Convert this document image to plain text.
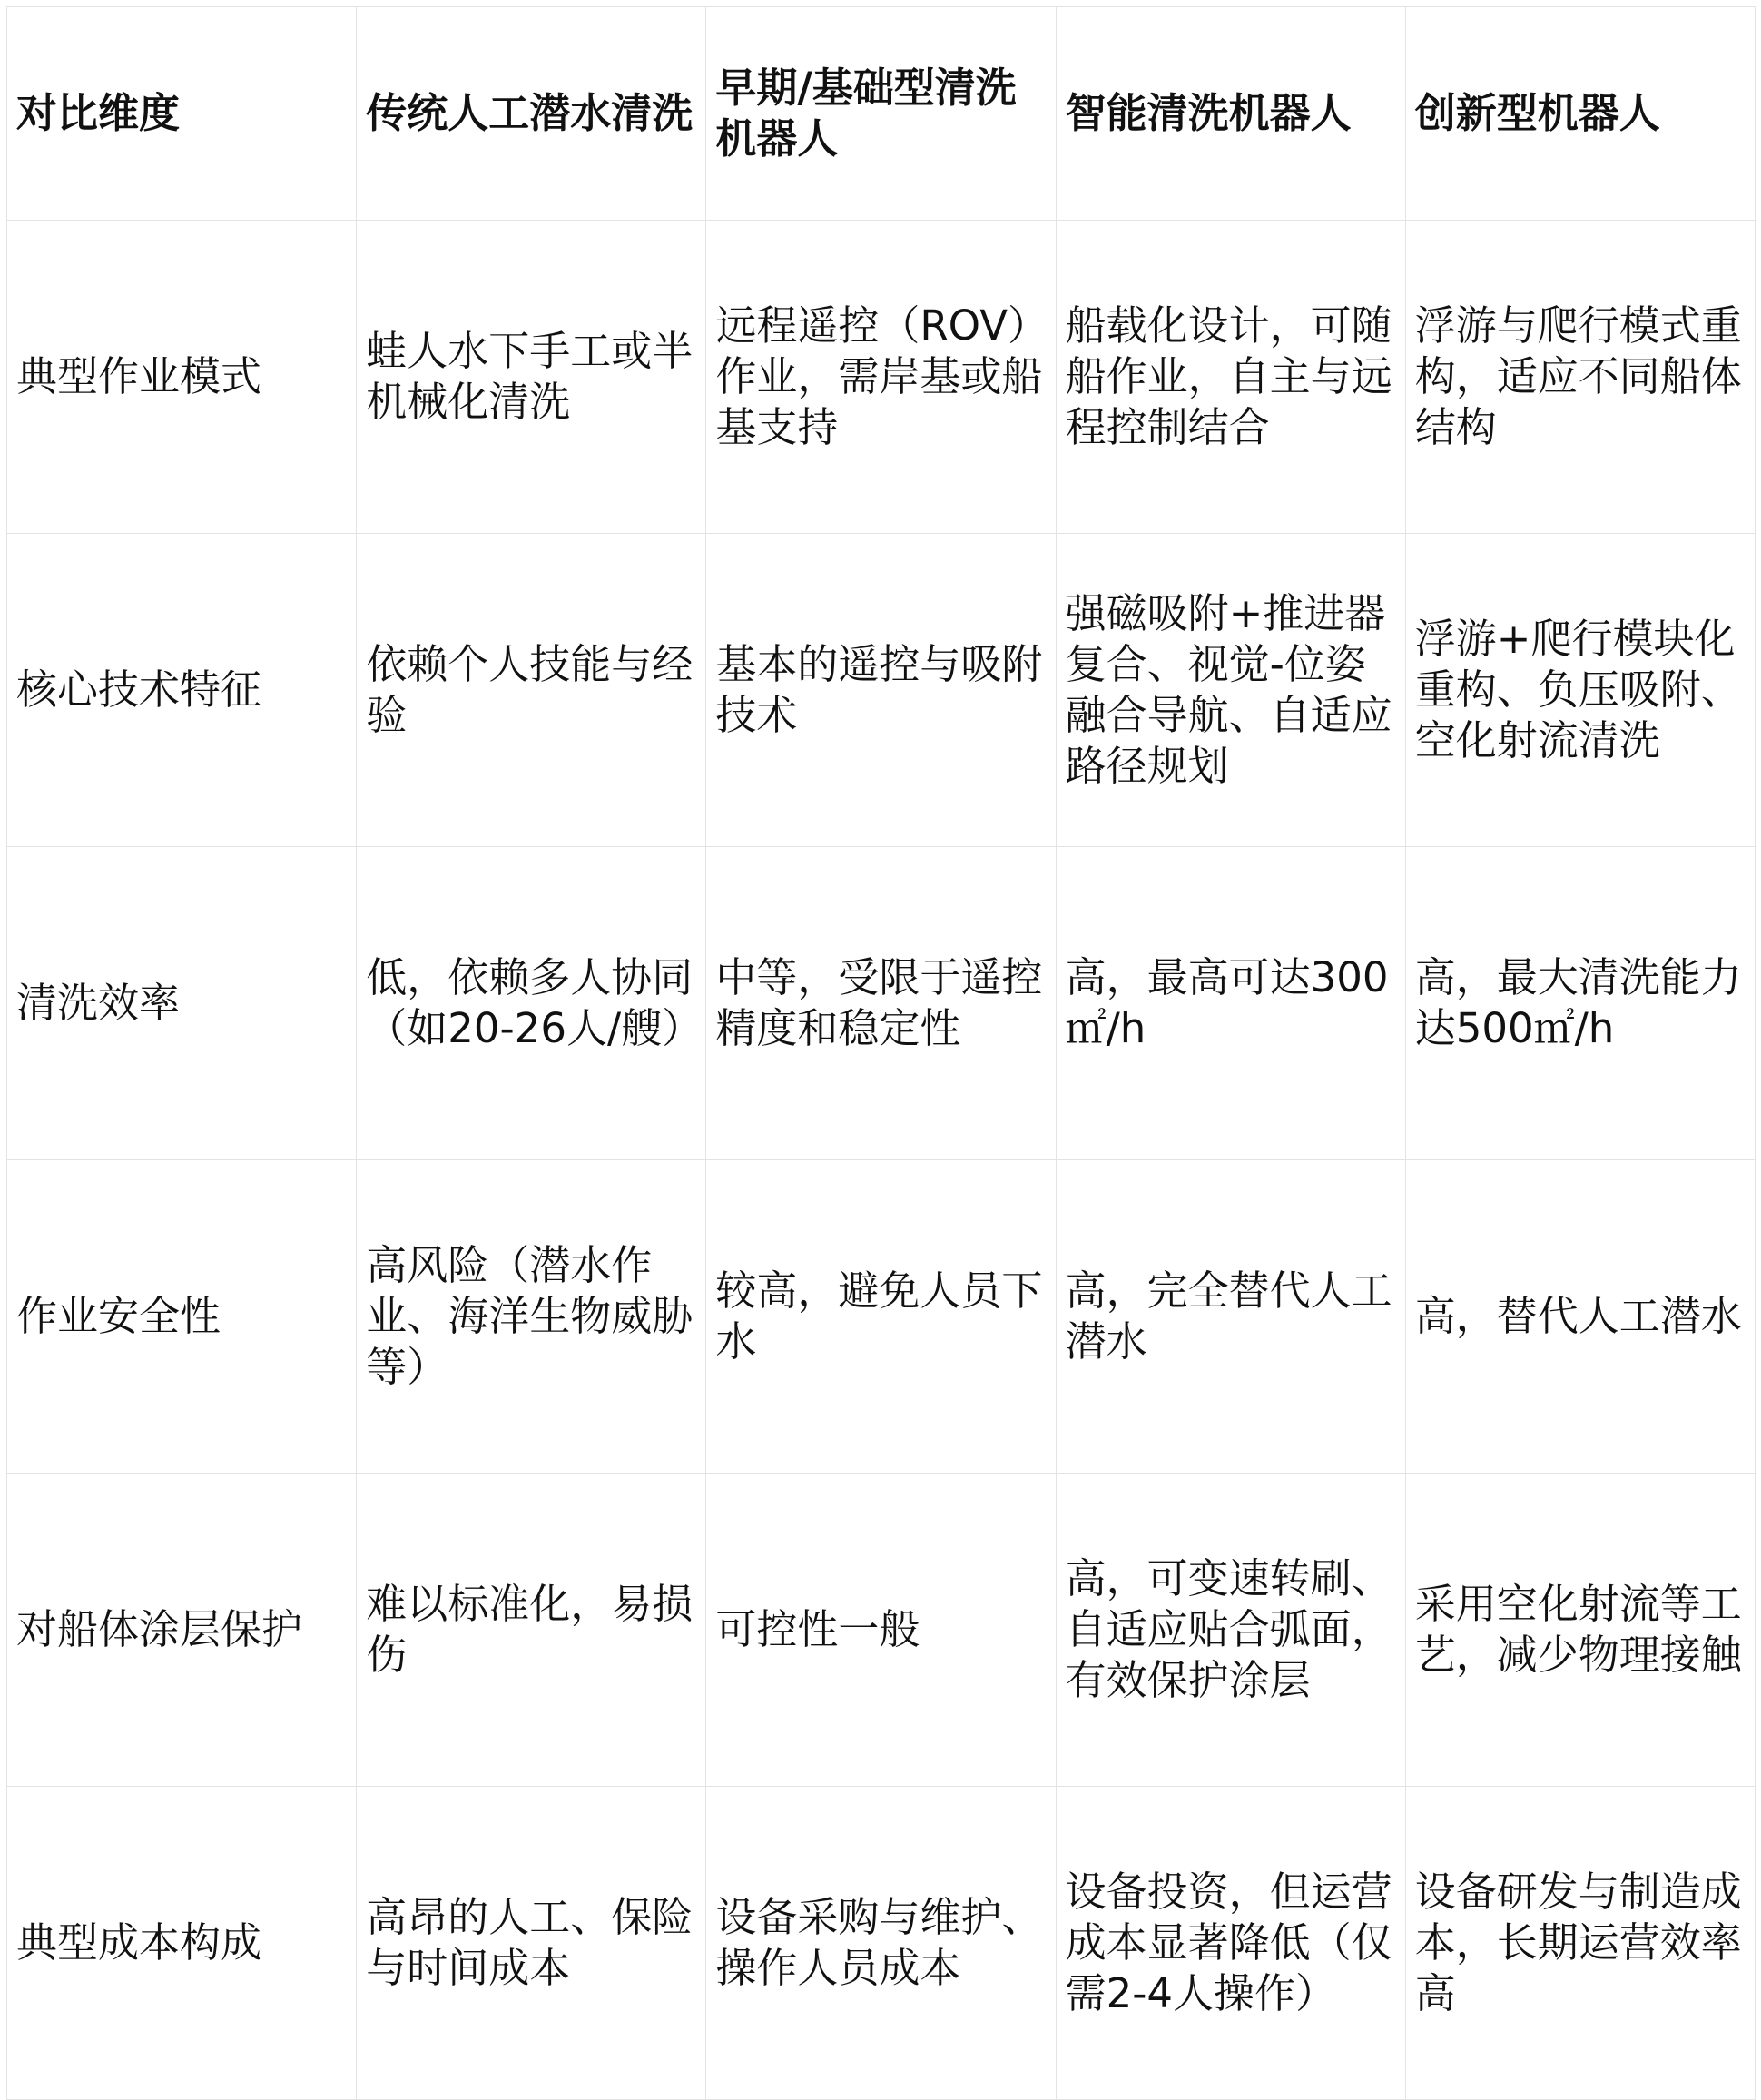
对比维度	传统人工潜水清洗	早期/基础型清洗机器人	智能清洗机器人	创新型机器人
典型作业模式	蛙人水下手工或半机械化清洗	远程遥控（ROV）作业，需岸基或船基支持	船载化设计，可随船作业，自主与远程控制结合	浮游与爬行模式重构，适应不同船体结构
核心技术特征	依赖个人技能与经验	基本的遥控与吸附技术	强磁吸附+推进器复合、视觉-位姿融合导航、自适应路径规划	浮游+爬行模块化重构、负压吸附、空化射流清洗
清洗效率	低，依赖多人协同（如20-26人/艘）	中等，受限于遥控精度和稳定性	高，最高可达300㎡/h	高，最大清洗能力达500㎡/h
作业安全性	高风险（潜水作业、海洋生物威胁等）	较高，避免人员下水	高，完全替代人工潜水	高，替代人工潜水
对船体涂层保护	难以标准化，易损伤	可控性一般	高，可变速转刷、自适应贴合弧面，有效保护涂层	采用空化射流等工艺，减少物理接触
典型成本构成	高昂的人工、保险与时间成本	设备采购与维护、操作人员成本	设备投资，但运营成本显著降低（仅需2-4人操作）	设备研发与制造成本，长期运营效率高
